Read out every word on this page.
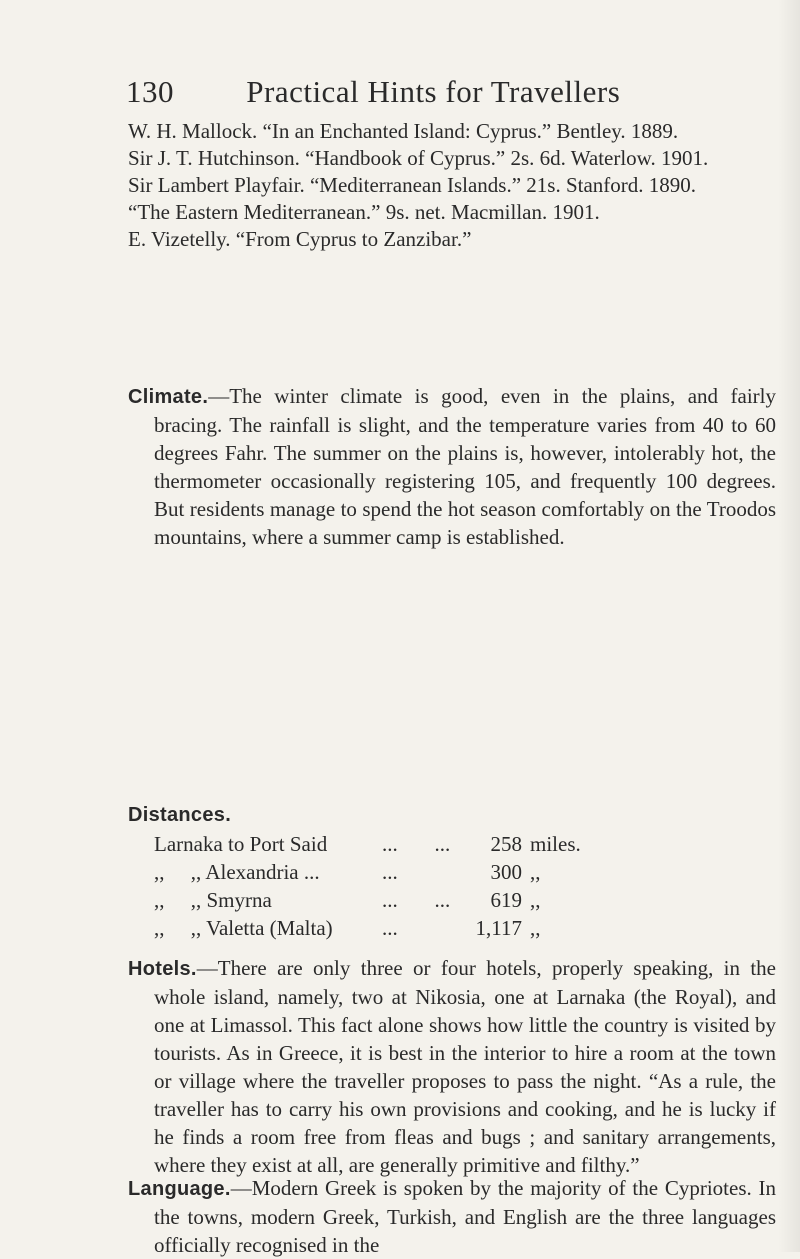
130 Practical Hints for Travellers
W. H. Mallock. “In an Enchanted Island: Cyprus.” Bentley. 1889.
Sir J. T. Hutchinson. “Handbook of Cyprus.” 2s. 6d. Waterlow. 1901.
Sir Lambert Playfair. “Mediterranean Islands.” 21s. Stanford. 1890.
“The Eastern Mediterranean.” 9s. net. Macmillan. 1901.
E. Vizetelly. “From Cyprus to Zanzibar.”

Climate.—The winter climate is good, even in the plains, and fairly bracing. The rainfall is slight, and the temperature varies from 40 to 60 degrees Fahr. The summer on the plains is, however, intolerably hot, the thermometer occasionally registering 105, and frequently 100 degrees. But residents manage to spend the hot season comfortably on the Troodos mountains, where a summer camp is established.

Distances.

Larnaka to Port Said	...       ...	258 miles.
,,     ,, Alexandria ...	...	300 ,,
,,     ,, Smyrna	...       ...	619 ,,
,,     ,, Valetta (Malta)	...	1,117 ,,

Hotels.—There are only three or four hotels, properly speaking, in the whole island, namely, two at Nikosia, one at Larnaka (the Royal), and one at Limassol. This fact alone shows how little the country is visited by tourists. As in Greece, it is best in the interior to hire a room at the town or village where the traveller proposes to pass the night. “As a rule, the traveller has to carry his own provisions and cooking, and he is lucky if he finds a room free from fleas and bugs ; and sanitary arrangements, where they exist at all, are generally primitive and filthy.”

Language.—Modern Greek is spoken by the majority of the Cypriotes. In the towns, modern Greek, Turkish, and English are the three languages officially recognised in the
